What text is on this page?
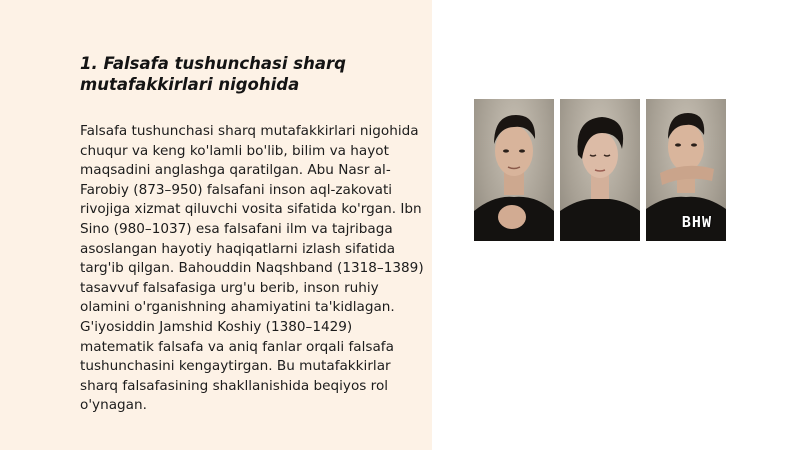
1. Falsafa tushunchasi sharq mutafakkirlari nigohida

Falsafa tushunchasi sharq mutafakkirlari nigohida chuqur va keng ko'lamli bo'lib, bilim va hayot maqsadini anglashga qaratilgan. Abu Nasr al-Farobiy (873–950) falsafani inson aql-zakovati rivojiga xizmat qiluvchi vosita sifatida ko'rgan. Ibn Sino (980–1037) esa falsafani ilm va tajribaga asoslangan hayotiy haqiqatlarni izlash sifatida targ'ib qilgan. Bahouddin Naqshband (1318–1389) tasavvuf falsafasiga urg'u berib, inson ruhiy olamini o'rganishning ahamiyatini ta'kidlagan. G'iyosiddin Jamshid Koshiy (1380–1429) matematik falsafa va aniq fanlar orqali falsafa tushunchasini kengaytirgan. Bu mutafakkirlar sharq falsafasining shakllanishida beqiyos rol o'ynagan.

BHW
